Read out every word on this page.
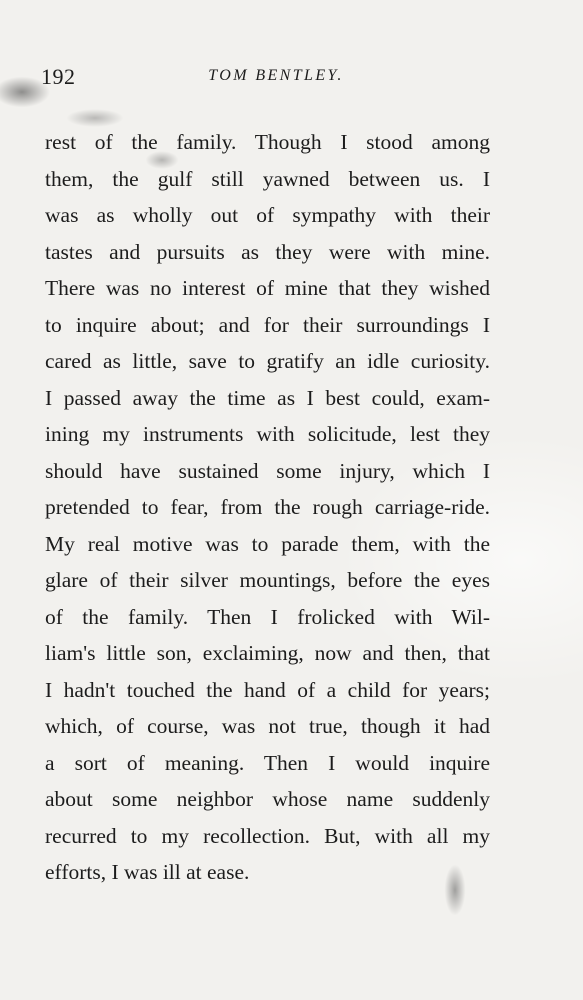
192	TOM BENTLEY.
rest of the family. Though I stood among
them, the gulf still yawned between us. I
was as wholly out of sympathy with their
tastes and pursuits as they were with mine.
There was no interest of mine that they wished
to inquire about; and for their surroundings I
cared as little, save to gratify an idle curiosity.
I passed away the time as I best could, exam-
ining my instruments with solicitude, lest they
should have sustained some injury, which I
pretended to fear, from the rough carriage-ride.
My real motive was to parade them, with the
glare of their silver mountings, before the eyes
of the family. Then I frolicked with Wil-
liam's little son, exclaiming, now and then, that
I hadn't touched the hand of a child for years;
which, of course, was not true, though it had
a sort of meaning. Then I would inquire
about some neighbor whose name suddenly
recurred to my recollection. But, with all my
efforts, I was ill at ease.
